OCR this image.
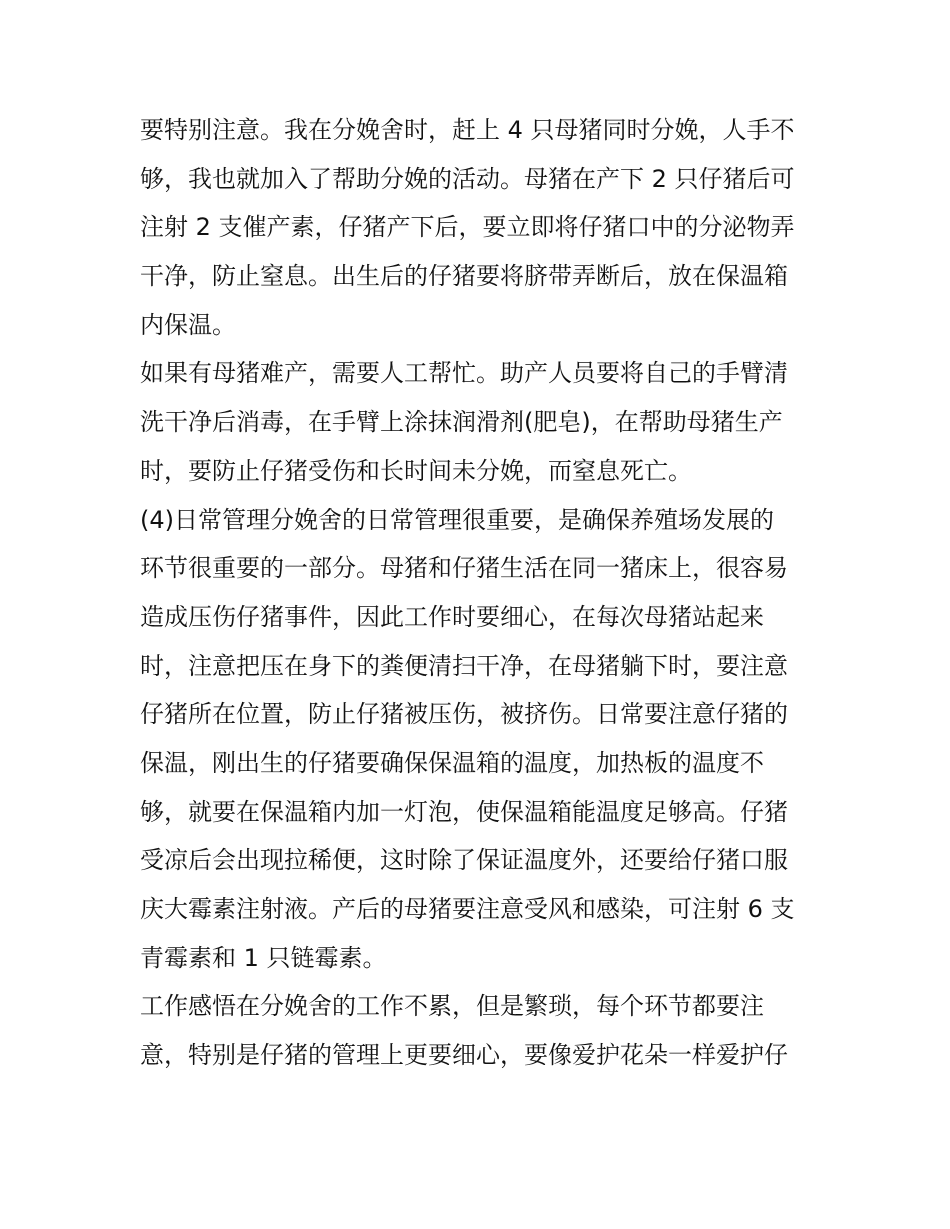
要特别注意。我在分娩舍时，赶上 4 只母猪同时分娩，人手不
够，我也就加入了帮助分娩的活动。母猪在产下 2 只仔猪后可
注射 2 支催产素，仔猪产下后，要立即将仔猪口中的分泌物弄
干净，防止窒息。出生后的仔猪要将脐带弄断后，放在保温箱
内保温。
如果有母猪难产，需要人工帮忙。助产人员要将自己的手臂清
洗干净后消毒，在手臂上涂抹润滑剂(肥皂)，在帮助母猪生产
时，要防止仔猪受伤和长时间未分娩，而窒息死亡。
(4)日常管理分娩舍的日常管理很重要，是确保养殖场发展的
环节很重要的一部分。母猪和仔猪生活在同一猪床上，很容易
造成压伤仔猪事件，因此工作时要细心，在每次母猪站起来
时，注意把压在身下的粪便清扫干净，在母猪躺下时，要注意
仔猪所在位置，防止仔猪被压伤，被挤伤。日常要注意仔猪的
保温，刚出生的仔猪要确保保温箱的温度，加热板的温度不
够，就要在保温箱内加一灯泡，使保温箱能温度足够高。仔猪
受凉后会出现拉稀便，这时除了保证温度外，还要给仔猪口服
庆大霉素注射液。产后的母猪要注意受风和感染，可注射 6 支
青霉素和 1 只链霉素。
工作感悟在分娩舍的工作不累，但是繁琐，每个环节都要注
意，特别是仔猪的管理上更要细心，要像爱护花朵一样爱护仔
